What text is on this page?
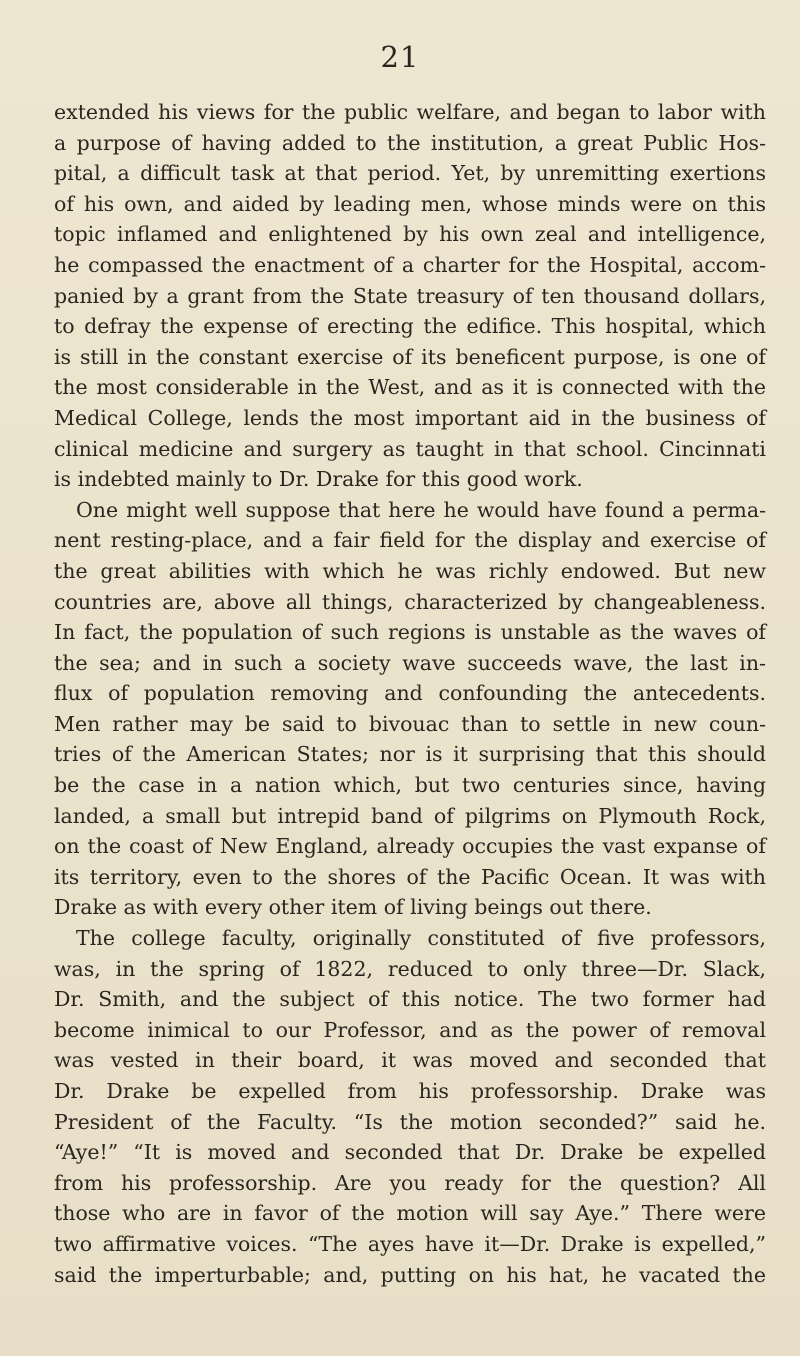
21
extended his views for the public welfare, and began to labor with
a purpose of having added to the institution, a great Public Hos-
pital, a difficult task at that period. Yet, by unremitting exertions
of his own, and aided by leading men, whose minds were on this
topic inflamed and enlightened by his own zeal and intelligence,
he compassed the enactment of a charter for the Hospital, accom-
panied by a grant from the State treasury of ten thousand dollars,
to defray the expense of erecting the edifice. This hospital, which
is still in the constant exercise of its beneficent purpose, is one of
the most considerable in the West, and as it is connected with the
Medical College, lends the most important aid in the business of
clinical medicine and surgery as taught in that school. Cincinnati
is indebted mainly to Dr. Drake for this good work.
One might well suppose that here he would have found a perma-
nent resting-place, and a fair field for the display and exercise of
the great abilities with which he was richly endowed. But new
countries are, above all things, characterized by changeableness.
In fact, the population of such regions is unstable as the waves of
the sea; and in such a society wave succeeds wave, the last in-
flux of population removing and confounding the antecedents.
Men rather may be said to bivouac than to settle in new coun-
tries of the American States; nor is it surprising that this should
be the case in a nation which, but two centuries since, having
landed, a small but intrepid band of pilgrims on Plymouth Rock,
on the coast of New England, already occupies the vast expanse of
its territory, even to the shores of the Pacific Ocean. It was with
Drake as with every other item of living beings out there.
The college faculty, originally constituted of five professors,
was, in the spring of 1822, reduced to only three—Dr. Slack,
Dr. Smith, and the subject of this notice. The two former had
become inimical to our Professor, and as the power of removal
was vested in their board, it was moved and seconded that
Dr. Drake be expelled from his professorship. Drake was
President of the Faculty. “Is the motion seconded?” said he.
“Aye!” “It is moved and seconded that Dr. Drake be expelled
from his professorship. Are you ready for the question? All
those who are in favor of the motion will say Aye.” There were
two affirmative voices. “The ayes have it—Dr. Drake is expelled,”
said the imperturbable; and, putting on his hat, he vacated the
